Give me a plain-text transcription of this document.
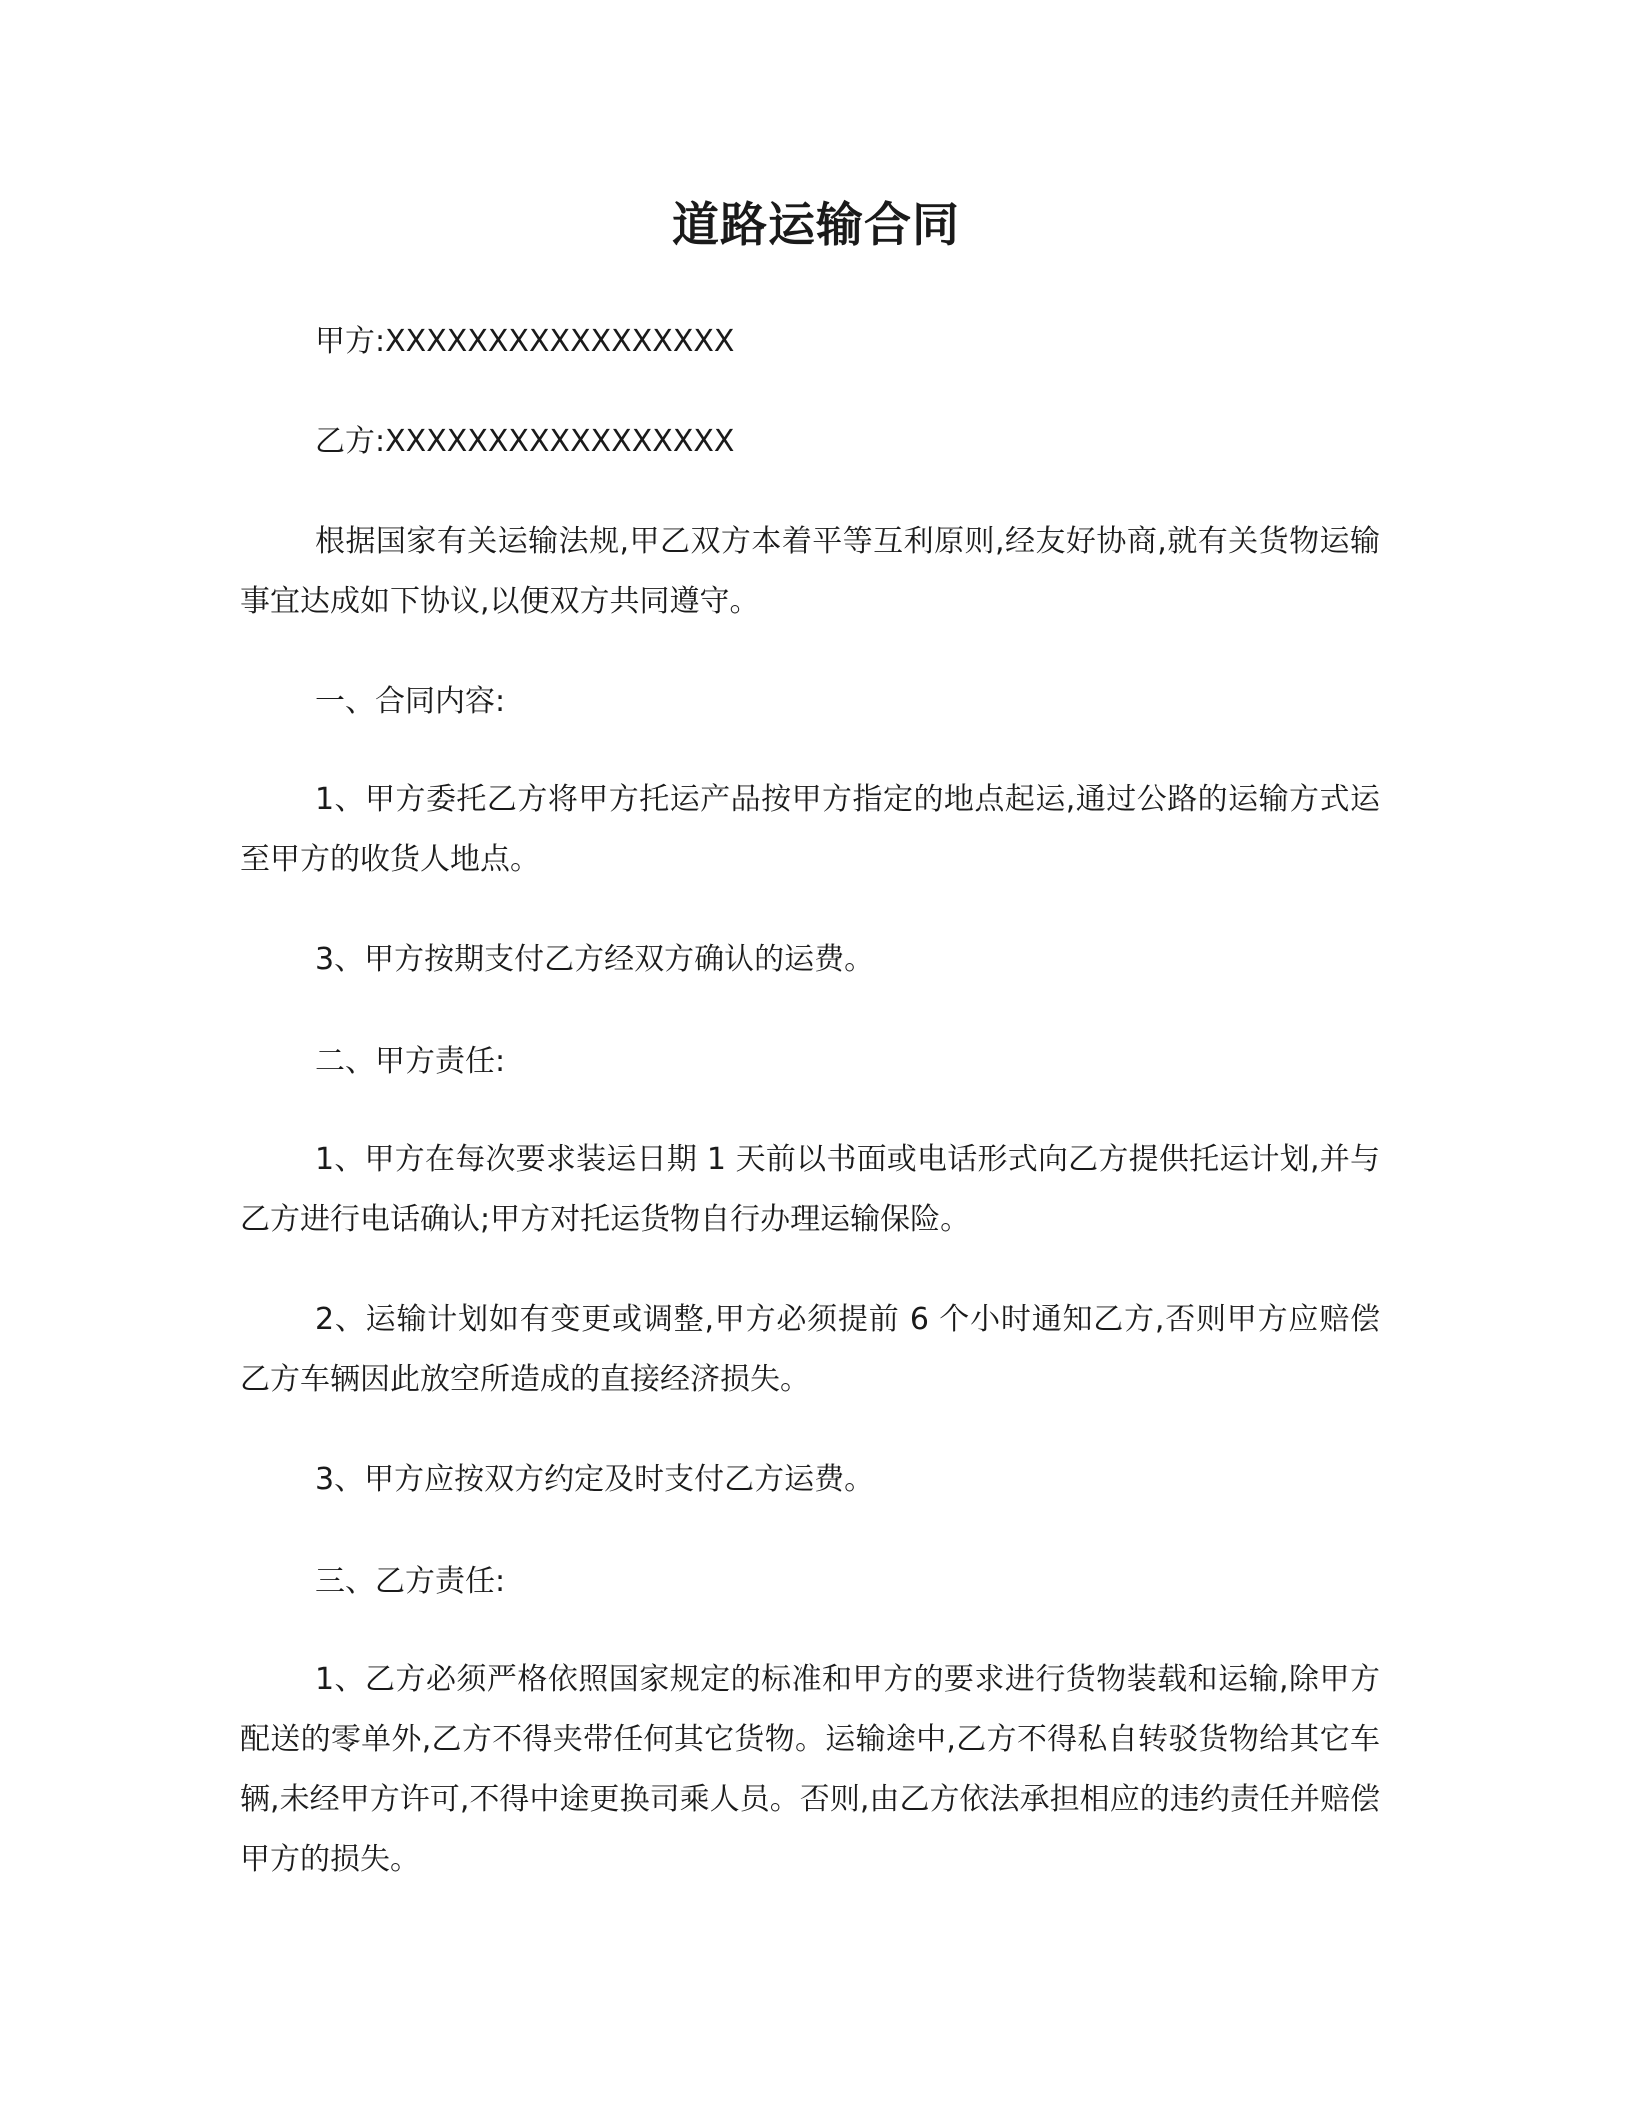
道路运输合同
甲方:XXXXXXXXXXXXXXXXX
乙方:XXXXXXXXXXXXXXXXX
根据国家有关运输法规,甲乙双方本着平等互利原则,经友好协商,就有关货物运输事宜达成如下协议,以便双方共同遵守。
一、合同内容:
1、甲方委托乙方将甲方托运产品按甲方指定的地点起运,通过公路的运输方式运至甲方的收货人地点。
3、甲方按期支付乙方经双方确认的运费。
二、甲方责任:
1、甲方在每次要求装运日期 1 天前以书面或电话形式向乙方提供托运计划,并与乙方进行电话确认;甲方对托运货物自行办理运输保险。
2、运输计划如有变更或调整,甲方必须提前 6 个小时通知乙方,否则甲方应赔偿乙方车辆因此放空所造成的直接经济损失。
3、甲方应按双方约定及时支付乙方运费。
三、乙方责任:
1、乙方必须严格依照国家规定的标准和甲方的要求进行货物装载和运输,除甲方配送的零单外,乙方不得夹带任何其它货物。运输途中,乙方不得私自转驳货物给其它车辆,未经甲方许可,不得中途更换司乘人员。否则,由乙方依法承担相应的违约责任并赔偿甲方的损失。
